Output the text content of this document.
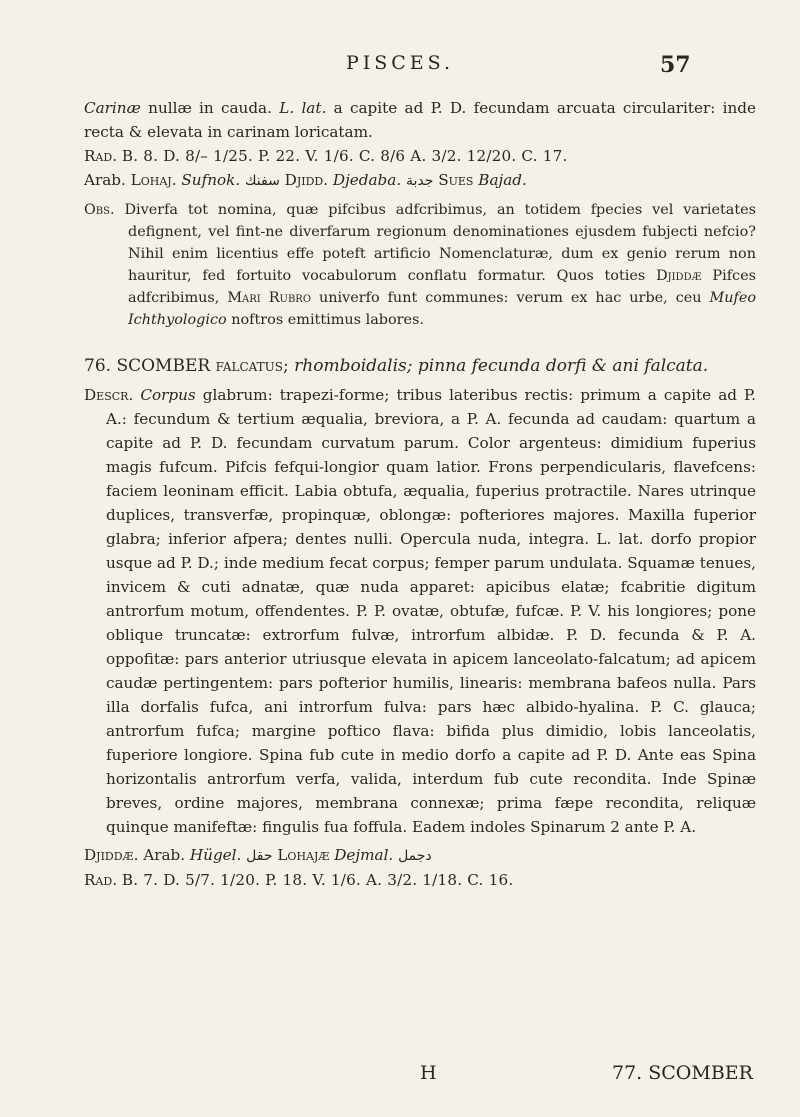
PISCES.	57

Carinæ nullæ in cauda. L. lat. a capite ad P. D. fecundam arcuata circulariter: inde recta & elevata in carinam loricatam.

Rad. B. 8. D. 8/– 1/25. P. 22. V. 1/6. C. 8/6 A. 3/2. 12/20. C. 17.

Arab. Lohaj. Sufnok. سفنك Djidd. Djedaba. جدبة Sues Bajad.

Obs. Diverfa tot nomina, quæ pifcibus adfcribimus, an totidem fpecies vel varietates defignent, vel fint-ne diverfarum regionum denominationes ejusdem fubjecti nefcio? Nihil enim licentius effe poteft artificio Nomenclaturæ, dum ex genio rerum non hauritur, fed fortuito vocabulorum conflatu formatur. Quos toties Djiddæ Pifces adfcribimus, Mari Rubro univerfo funt communes: verum ex hac urbe, ceu Mufeo Ichthyologico noftros emittimus labores.

76. SCOMBER falcatus; rhomboidalis; pinna fecunda dorfi & ani falcata.

Descr. Corpus glabrum: trapezi-forme; tribus lateribus rectis: primum a capite ad P. A.: fecundum & tertium æqualia, breviora, a P. A. fecunda ad caudam: quartum a capite ad P. D. fecundam curvatum parum. Color argenteus: dimidium fuperius magis fufcum. Pifcis fefqui-longior quam latior. Frons perpendicularis, flavefcens: faciem leoninam efficit. Labia obtufa, æqualia, fuperius protractile. Nares utrinque duplices, transverfæ, propinquæ, oblongæ: pofteriores majores. Maxilla fuperior glabra; inferior afpera; dentes nulli. Opercula nuda, integra. L. lat. dorfo propior usque ad P. D.; inde medium fecat corpus; femper parum undulata. Squamæ tenues, invicem & cuti adnatæ, quæ nuda apparet: apicibus elatæ; fcabritie digitum antrorfum motum, offendentes. P. P. ovatæ, obtufæ, fufcæ. P. V. his longiores; pone oblique truncatæ: extrorfum fulvæ, introrfum albidæ. P. D. fecunda & P. A. oppofitæ: pars anterior utriusque elevata in apicem lanceolato-falcatum; ad apicem caudæ pertingentem: pars pofterior humilis, linearis: membrana bafeos nulla. Pars illa dorfalis fufca, ani introrfum fulva: pars hæc albido-hyalina. P. C. glauca; antrorfum fufca; margine poftico flava: bifida plus dimidio, lobis lanceolatis, fuperiore longiore. Spina fub cute in medio dorfo a capite ad P. D. Ante eas Spina horizontalis antrorfum verfa, valida, interdum fub cute recondita. Inde Spinæ breves, ordine majores, membrana connexæ; prima fæpe recondita, reliquæ quinque manifeftæ: fingulis fua foffula. Eadem indoles Spinarum 2 ante P. A.

Djiddæ. Arab. Hügel. حقل Lohajæ Dejmal. دجمل

Rad. B. 7. D. 5/7. 1/20. P. 18. V. 1/6. A. 3/2. 1/18. C. 16.

H	77. SCOMBER
